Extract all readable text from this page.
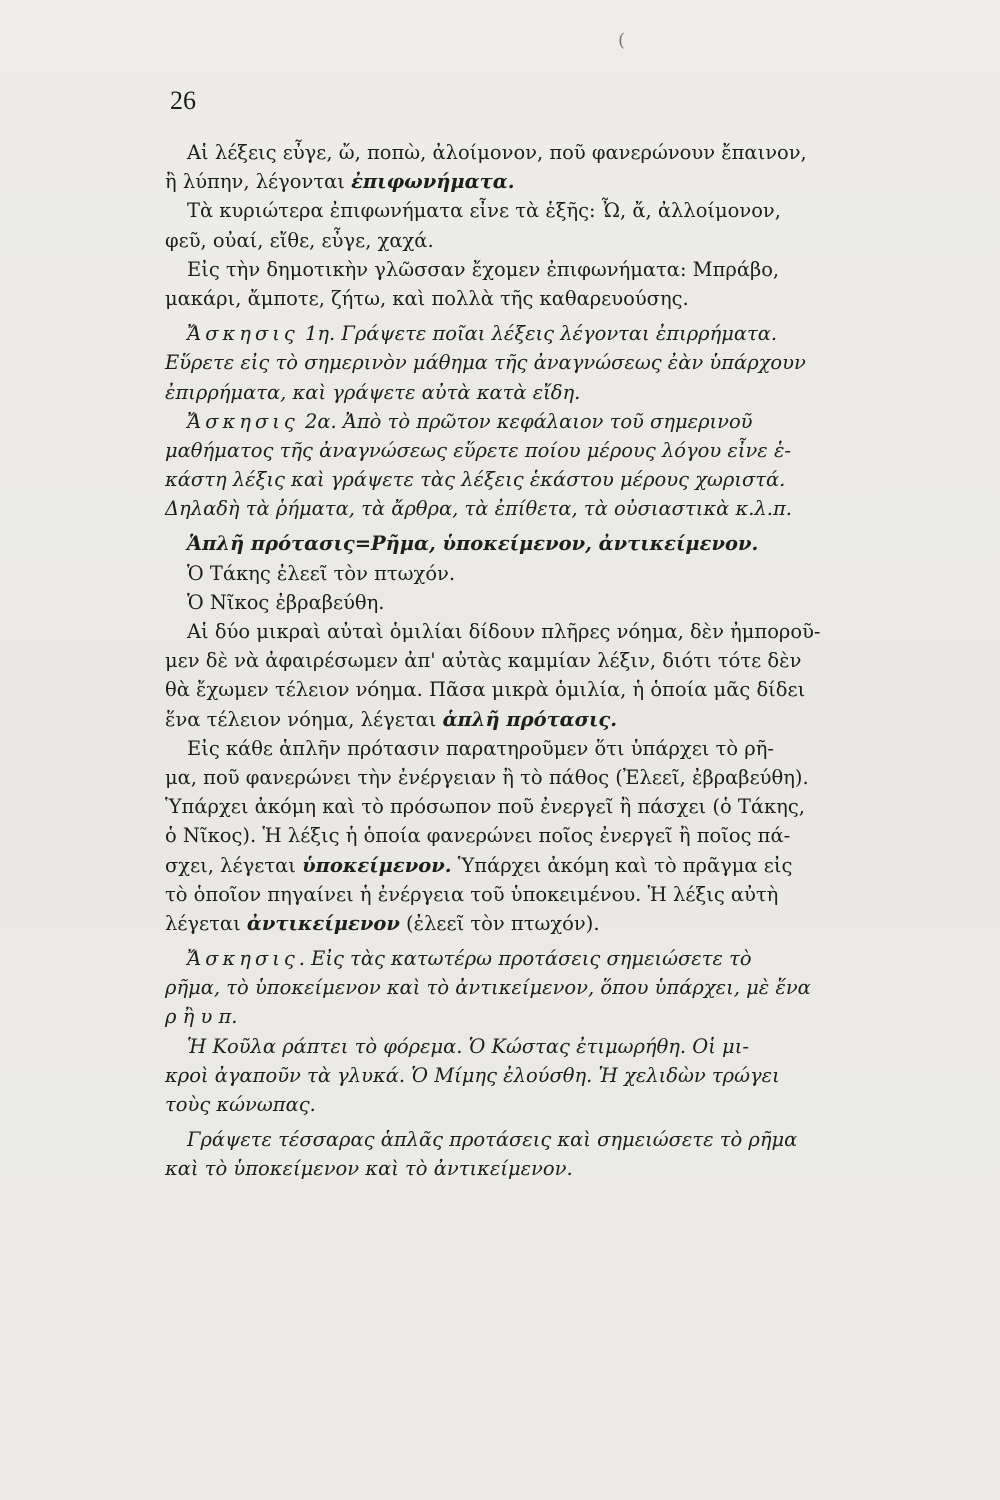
(
26
Αἱ λέξεις εὖγε, ὤ, ποπὼ, ἀλοίμονον, ποῦ φανερώνουν ἔπαινον,
ἢ λύπην, λέγονται ἐπιφωνήματα.
Τὰ κυριώτερα ἐπιφωνήματα εἶνε τὰ ἑξῆς: Ὦ, ἄ, ἀλλοίμονον,
φεῦ, οὐαί, εἴθε, εὖγε, χαχά.
Εἰς τὴν δημοτικὴν γλῶσσαν ἔχομεν ἐπιφωνήματα: Μπράβο,
μακάρι, ἄμποτε, ζήτω, καὶ πολλὰ τῆς καθαρευούσης.
Ἄσκησις 1η. Γράψετε ποῖαι λέξεις λέγονται ἐπιρρήματα.
Εὕρετε εἰς τὸ σημερινὸν μάθημα τῆς ἀναγνώσεως ἐὰν ὑπάρχουν
ἐπιρρήματα, καὶ γράψετε αὐτὰ κατὰ εἴδη.
Ἄσκησις 2α. Ἀπὸ τὸ πρῶτον κεφάλαιον τοῦ σημερινοῦ
μαθήματος τῆς ἀναγνώσεως εὕρετε ποίου μέρους λόγου εἶνε ἑ-
κάστη λέξις καὶ γράψετε τὰς λέξεις ἑκάστου μέρους χωριστά.
Δηλαδὴ τὰ ῥήματα, τὰ ἄρθρα, τὰ ἐπίθετα, τὰ οὐσιαστικὰ κ.λ.π.
Ἁπλῆ πρότασις=Ρῆμα, ὑποκείμενον, ἀντικείμενον.
Ὁ Τάκης ἐλεεῖ τὸν πτωχόν.
Ὁ Νῖκος ἐβραβεύθη.
Αἱ δύο μικραὶ αὐταὶ ὁμιλίαι δίδουν πλῆρες νόημα, δὲν ἠμποροῦ-
μεν δὲ νὰ ἀφαιρέσωμεν ἀπ' αὐτὰς καμμίαν λέξιν, διότι τότε δὲν
θὰ ἔχωμεν τέλειον νόημα. Πᾶσα μικρὰ ὁμιλία, ἡ ὁποία μᾶς δίδει
ἕνα τέλειον νόημα, λέγεται ἁπλῆ πρότασις.
Εἰς κάθε ἁπλῆν πρότασιν παρατηροῦμεν ὅτι ὑπάρχει τὸ ρῆ-
μα, ποῦ φανερώνει τὴν ἐνέργειαν ἢ τὸ πάθος (Ἐλεεῖ, ἐβραβεύθη).
Ὑπάρχει ἀκόμη καὶ τὸ πρόσωπον ποῦ ἐνεργεῖ ἢ πάσχει (ὁ Τάκης,
ὁ Νῖκος). Ἡ λέξις ἡ ὁποία φανερώνει ποῖος ἐνεργεῖ ἢ ποῖος πά-
σχει, λέγεται ὑποκείμενον. Ὑπάρχει ἀκόμη καὶ τὸ πρᾶγμα εἰς
τὸ ὁποῖον πηγαίνει ἡ ἐνέργεια τοῦ ὑποκειμένου. Ἡ λέξις αὐτὴ
λέγεται ἀντικείμενον (ἐλεεῖ τὸν πτωχόν).
Ἄσκησις. Εἰς τὰς κατωτέρω προτάσεις σημειώσετε τὸ
ρῆμα, τὸ ὑποκείμενον καὶ τὸ ἀντικείμενον, ὅπου ὑπάρχει, μὲ ἕνα
ρ ἢ υ π.
Ἡ Κοῦλα ράπτει τὸ φόρεμα. Ὁ Κώστας ἐτιμωρήθη. Οἱ μι-
κροὶ ἀγαποῦν τὰ γλυκά. Ὁ Μίμης ἐλούσθη. Ἡ χελιδὼν τρώγει
τοὺς κώνωπας.
Γράψετε τέσσαρας ἁπλᾶς προτάσεις καὶ σημειώσετε τὸ ρῆμα
καὶ τὸ ὑποκείμενον καὶ τὸ ἀντικείμενον.
